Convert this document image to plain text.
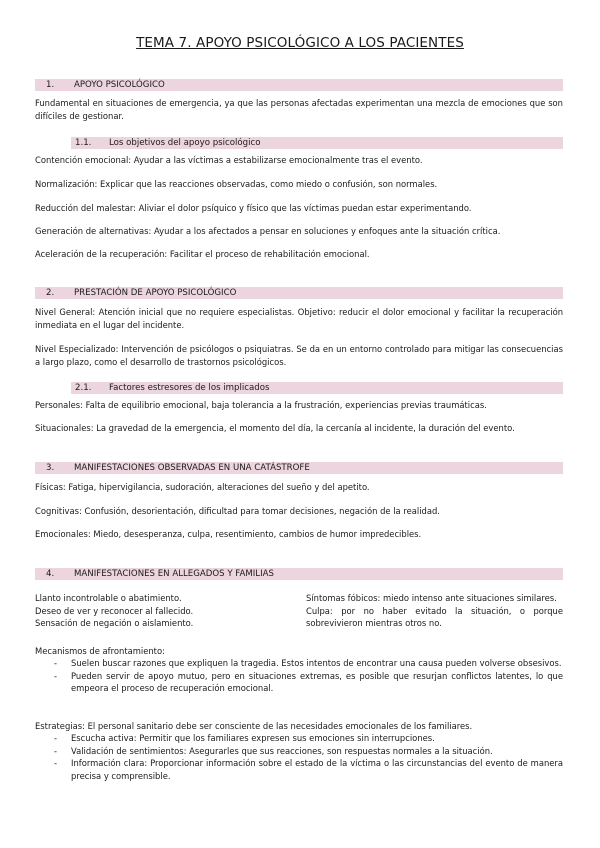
TEMA 7. APOYO PSICOLÓGICO A LOS PACIENTES
1. APOYO PSICOLÓGICO
Fundamental en situaciones de emergencia, ya que las personas afectadas experimentan una mezcla de emociones que son difíciles de gestionar.
1.1. Los objetivos del apoyo psicológico
Contención emocional: Ayudar a las víctimas a estabilizarse emocionalmente tras el evento.
Normalización: Explicar que las reacciones observadas, como miedo o confusión, son normales.
Reducción del malestar: Aliviar el dolor psíquico y físico que las víctimas puedan estar experimentando.
Generación de alternativas: Ayudar a los afectados a pensar en soluciones y enfoques ante la situación crítica.
Aceleración de la recuperación: Facilitar el proceso de rehabilitación emocional.
2. PRESTACIÓN DE APOYO PSICOLÓGICO
Nivel General: Atención inicial que no requiere especialistas. Objetivo: reducir el dolor emocional y facilitar la recuperación inmediata en el lugar del incidente.
Nivel Especializado: Intervención de psicólogos o psiquiatras. Se da en un entorno controlado para mitigar las consecuencias a largo plazo, como el desarrollo de trastornos psicológicos.
2.1. Factores estresores de los implicados
Personales: Falta de equilibrio emocional, baja tolerancia a la frustración, experiencias previas traumáticas.
Situacionales: La gravedad de la emergencia, el momento del día, la cercanía al incidente, la duración del evento.
3. MANIFESTACIONES OBSERVADAS EN UNA CATÁSTROFE
Físicas: Fatiga, hipervigilancia, sudoración, alteraciones del sueño y del apetito.
Cognitivas: Confusión, desorientación, dificultad para tomar decisiones, negación de la realidad.
Emocionales: Miedo, desesperanza, culpa, resentimiento, cambios de humor impredecibles.
4. MANIFESTACIONES EN ALLEGADOS Y FAMILIAS
Llanto incontrolable o abatimiento.
Deseo de ver y reconocer al fallecido.
Sensación de negación o aislamiento.
Síntomas fóbicos: miedo intenso ante situaciones similares.
Culpa: por no haber evitado la situación, o porque sobrevivieron mientras otros no.
Mecanismos de afrontamiento:
- Suelen buscar razones que expliquen la tragedia. Estos intentos de encontrar una causa pueden volverse obsesivos.
- Pueden servir de apoyo mutuo, pero en situaciones extremas, es posible que resurjan conflictos latentes, lo que empeora el proceso de recuperación emocional.
Estrategias: El personal sanitario debe ser consciente de las necesidades emocionales de los familiares.
- Escucha activa: Permitir que los familiares expresen sus emociones sin interrupciones.
- Validación de sentimientos: Asegurarles que sus reacciones, son respuestas normales a la situación.
- Información clara: Proporcionar información sobre el estado de la víctima o las circunstancias del evento de manera precisa y comprensible.
